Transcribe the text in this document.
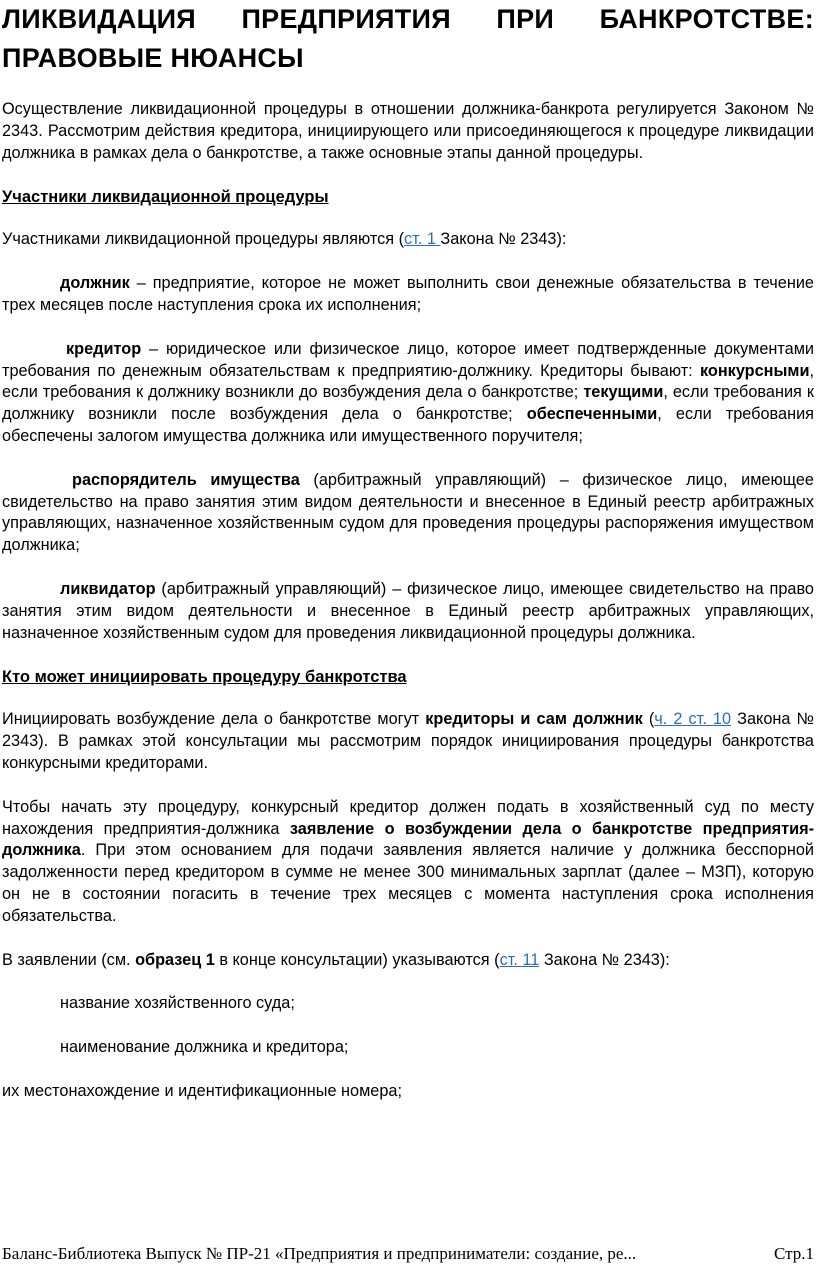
ЛИКВИДАЦИЯ ПРЕДПРИЯТИЯ ПРИ БАНКРОТСТВЕ:
ПРАВОВЫЕ НЮАНСЫ

Осуществление ликвидационной процедуры в отношении должника-банкрота регулируется Законом № 2343. Рассмотрим действия кредитора, инициирующего или присоединяющегося к процедуре ликвидации должника в рамках дела о банкротстве, а также основные этапы данной процедуры.

Участники ликвидационной процедуры

Участниками ликвидационной процедуры являются (ст. 1 Закона № 2343):

должник – предприятие, которое не может выполнить свои денежные обязательства в течение трех месяцев после наступления срока их исполнения;

кредитор – юридическое или физическое лицо, которое имеет подтвержденные документами требования по денежным обязательствам к предприятию-должнику. Кредиторы бывают: конкурсными, если требования к должнику возникли до возбуждения дела о банкротстве; текущими, если требования к должнику возникли после возбуждения дела о банкротстве; обеспеченными, если требования обеспечены залогом имущества должника или имущественного поручителя;

распорядитель имущества (арбитражный управляющий) – физическое лицо, имеющее свидетельство на право занятия этим видом деятельности и внесенное в Единый реестр арбитражных управляющих, назначенное хозяйственным судом для проведения процедуры распоряжения имуществом должника;

ликвидатор (арбитражный управляющий) – физическое лицо, имеющее свидетельство на право занятия этим видом деятельности и внесенное в Единый реестр арбитражных управляющих, назначенное хозяйственным судом для проведения ликвидационной процедуры должника.

Кто может инициировать процедуру банкротства

Инициировать возбуждение дела о банкротстве могут кредиторы и сам должник (ч. 2 ст. 10 Закона № 2343). В рамках этой консультации мы рассмотрим порядок инициирования процедуры банкротства конкурсными кредиторами.

Чтобы начать эту процедуру, конкурсный кредитор должен подать в хозяйственный суд по месту нахождения предприятия-должника заявление о возбуждении дела о банкротстве предприятия-должника. При этом основанием для подачи заявления является наличие у должника бесспорной задолженности перед кредитором в сумме не менее 300 минимальных зарплат (далее – МЗП), которую он не в состоянии погасить в течение трех месяцев с момента наступления срока исполнения обязательства.

В заявлении (см. образец 1 в конце консультации) указываются (ст. 11 Закона № 2343):

название хозяйственного суда;

наименование должника и кредитора;

их местонахождение и идентификационные номера;

Баланс-Библиотека Выпуск № ПР-21 «Предприятия и предприниматели: создание, ре...	Стр.1
